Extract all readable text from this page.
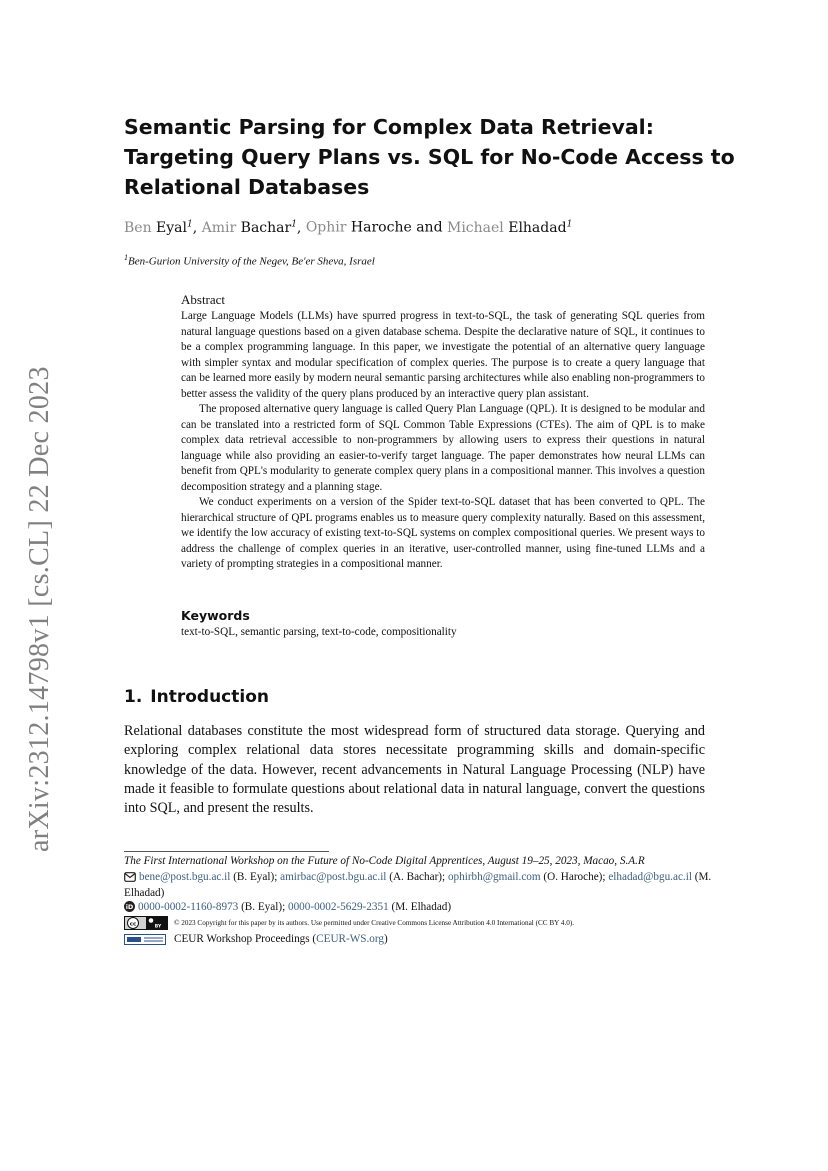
arXiv:2312.14798v1 [cs.CL] 22 Dec 2023
Semantic Parsing for Complex Data Retrieval: Targeting Query Plans vs. SQL for No-Code Access to Relational Databases
Ben Eyal$^1$, Amir Bachar$^1$, Ophir Haroche and Michael Elhadad$^1$
$^1$Ben-Gurion University of the Negev, Be'er Sheva, Israel
Abstract

Large Language Models (LLMs) have spurred progress in text-to-SQL, the task of generating SQL queries from natural language questions based on a given database schema. Despite the declarative nature of SQL, it continues to be a complex programming language. In this paper, we investigate the potential of an alternative query language with simpler syntax and modular specification of complex queries. The purpose is to create a query language that can be learned more easily by modern neural semantic parsing architectures while also enabling non-programmers to better assess the validity of the query plans produced by an interactive query plan assistant.

The proposed alternative query language is called Query Plan Language (QPL). It is designed to be modular and can be translated into a restricted form of SQL Common Table Expressions (CTEs). The aim of QPL is to make complex data retrieval accessible to non-programmers by allowing users to express their questions in natural language while also providing an easier-to-verify target language. The paper demonstrates how neural LLMs can benefit from QPL's modularity to generate complex query plans in a compositional manner. This involves a question decomposition strategy and a planning stage.

We conduct experiments on a version of the Spider text-to-SQL dataset that has been converted to QPL. The hierarchical structure of QPL programs enables us to measure query complexity naturally. Based on this assessment, we identify the low accuracy of existing text-to-SQL systems on complex compositional queries. We present ways to address the challenge of complex queries in an iterative, user-controlled manner, using fine-tuned LLMs and a variety of prompting strategies in a compositional manner.

Keywords
text-to-SQL, semantic parsing, text-to-code, compositionality
1. Introduction

Relational databases constitute the most widespread form of structured data storage. Querying and exploring complex relational data stores necessitate programming skills and domain-specific knowledge of the data. However, recent advancements in Natural Language Processing (NLP) have made it feasible to formulate questions about relational data in natural language, convert the questions into SQL, and present the results.

The First International Workshop on the Future of No-Code Digital Apprentices, August 19–25, 2023, Macao, S.A.R
bene@post.bgu.ac.il (B. Eyal); amirbac@post.bgu.ac.il (A. Bachar); ophirbh@gmail.com (O. Haroche); elhadad@bgu.ac.il (M. Elhadad)
iD 0000-0002-1160-8973 (B. Eyal); 0000-0002-5629-2351 (M. Elhadad)
cc	BY © 2023 Copyright for this paper by its authors. Use permitted under Creative Commons License Attribution 4.0 International (CC BY 4.0).
CEUR Workshop Proceedings (CEUR-WS.org)
